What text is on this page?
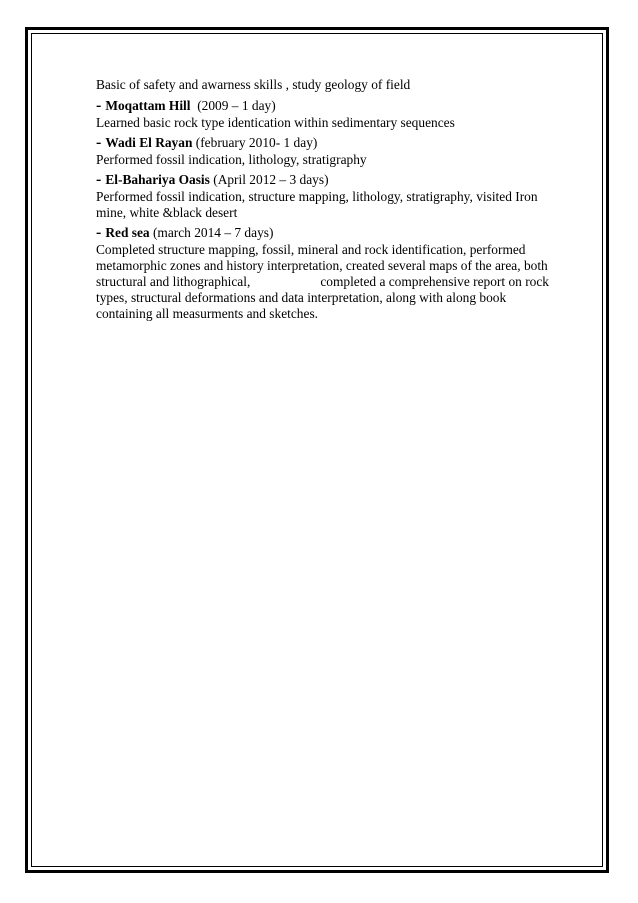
Basic of safety and awarness skills , study geology of field
- Moqattam Hill (2009 – 1 day)
Learned basic rock type identication within sedimentary sequences
- Wadi El Rayan (february 2010- 1 day)
Performed fossil indication, lithology, stratigraphy
- El-Bahariya Oasis (April 2012 – 3 days)
Performed fossil indication, structure mapping, lithology, stratigraphy, visited Iron
mine, white &black desert
- Red sea (march 2014 – 7 days)
Completed structure mapping, fossil, mineral and rock identification, performed
metamorphic zones and history interpretation, created several maps of the area, both
structural and lithographical,	completed a comprehensive report on rock
types, structural deformations and data interpretation, along with along book
containing all measurments and sketches.
